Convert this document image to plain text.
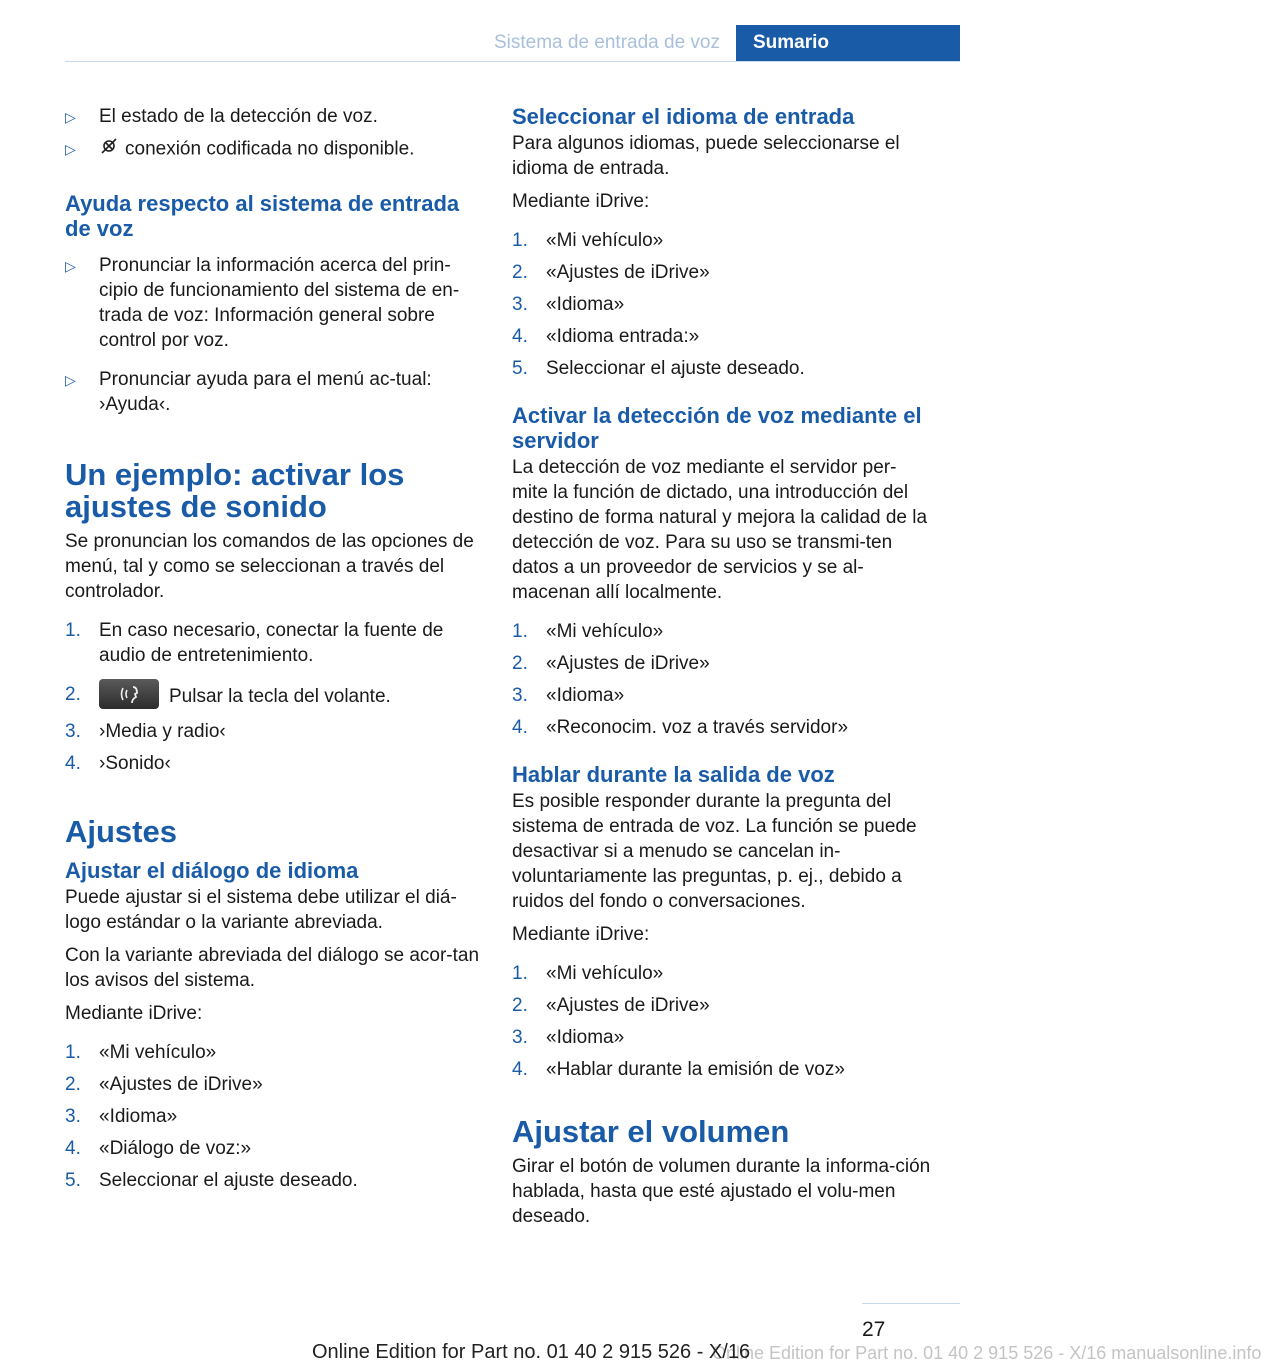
Sistema de entrada de voz	Sumario
▷ El estado de la detección de voz.
▷	conexión codificada no disponible.
Ayuda respecto al sistema de entrada de voz
▷ Pronunciar la información acerca del prin-cipio de funcionamiento del sistema de en-trada de voz: Información general sobre control por voz.
▷ Pronunciar ayuda para el menú ac-tual: ›Ayuda‹.
Un ejemplo: activar los ajustes de sonido

Se pronuncian los comandos de las opciones de menú, tal y como se seleccionan a través del controlador.

1. En caso necesario, conectar la fuente de audio de entretenimiento.
2.	Pulsar la tecla del volante.
3. ›Media y radio‹
4. ›Sonido‹
Ajustes
Ajustar el diálogo de idioma

Puede ajustar si el sistema debe utilizar el diá-logo estándar o la variante abreviada.

Con la variante abreviada del diálogo se acor-tan los avisos del sistema.

Mediante iDrive:

1. «Mi vehículo»
2. «Ajustes de iDrive»
3. «Idioma»
4. «Diálogo de voz:»
5. Seleccionar el ajuste deseado.
Seleccionar el idioma de entrada

Para algunos idiomas, puede seleccionarse el idioma de entrada.

Mediante iDrive:

1. «Mi vehículo»
2. «Ajustes de iDrive»
3. «Idioma»
4. «Idioma entrada:»
5. Seleccionar el ajuste deseado.
Activar la detección de voz mediante el servidor

La detección de voz mediante el servidor per-mite la función de dictado, una introducción del destino de forma natural y mejora la calidad de la detección de voz. Para su uso se transmi-ten datos a un proveedor de servicios y se al-macenan allí localmente.

1. «Mi vehículo»
2. «Ajustes de iDrive»
3. «Idioma»
4. «Reconocim. voz a través servidor»
Hablar durante la salida de voz

Es posible responder durante la pregunta del sistema de entrada de voz. La función se puede desactivar si a menudo se cancelan in-voluntariamente las preguntas, p. ej., debido a ruidos del fondo o conversaciones.

Mediante iDrive:

1. «Mi vehículo»
2. «Ajustes de iDrive»
3. «Idioma»
4. «Hablar durante la emisión de voz»
Ajustar el volumen

Girar el botón de volumen durante la informa-ción hablada, hasta que esté ajustado el volu-men deseado.

27
Online Edition for Part no. 01 40 2 915 526 - X/16 manualsonline.info
Online Edition for Part no. 01 40 2 915 526 - X/16
